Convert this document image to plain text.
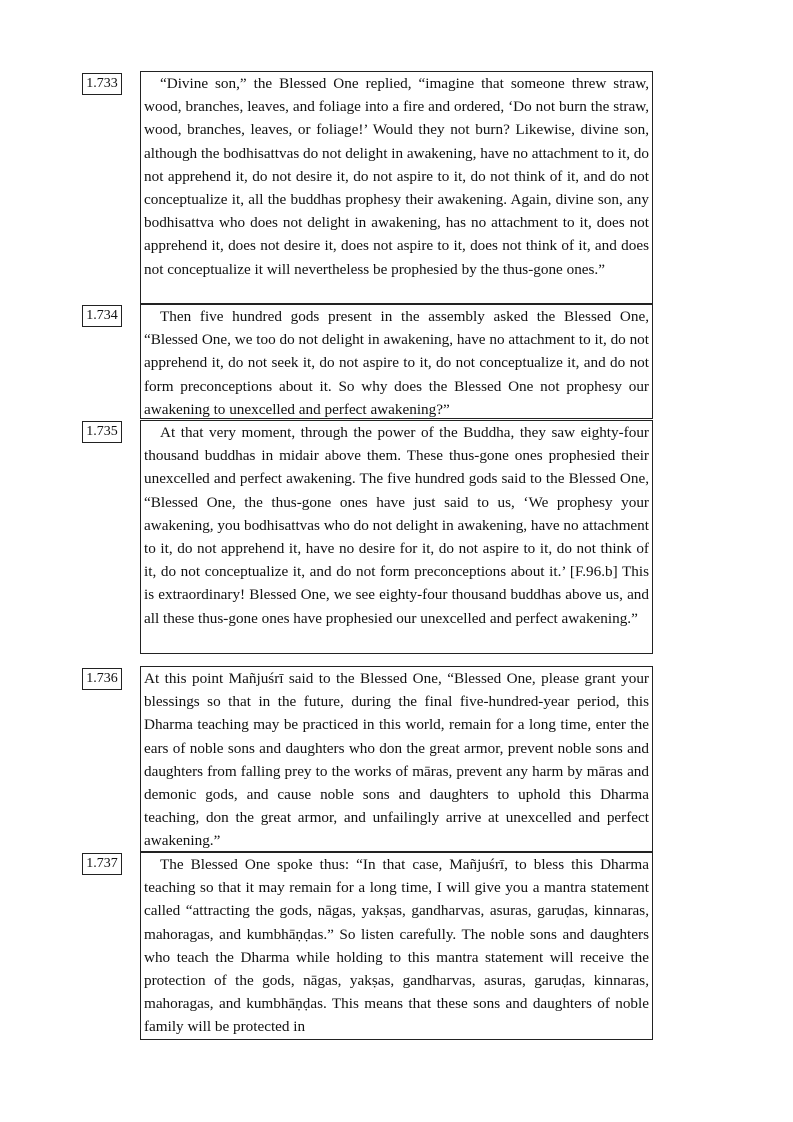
1.733	“Divine son,” the Blessed One replied, “imagine that someone threw straw, wood, branches, leaves, and foliage into a fire and ordered, ‘Do not burn the straw, wood, branches, leaves, or foliage!’ Would they not burn? Likewise, divine son, although the bodhisattvas do not delight in awakening, have no attachment to it, do not apprehend it, do not desire it, do not aspire to it, do not think of it, and do not conceptualize it, all the buddhas prophesy their awakening. Again, divine son, any bodhisattva who does not delight in awakening, has no attachment to it, does not apprehend it, does not desire it, does not aspire to it, does not think of it, and does not conceptualize it will nevertheless be prophesied by the thus-gone ones.”

1.734	Then five hundred gods present in the assembly asked the Blessed One, “Blessed One, we too do not delight in awakening, have no attachment to it, do not apprehend it, do not seek it, do not aspire to it, do not conceptualize it, and do not form preconceptions about it. So why does the Blessed One not prophesy our awakening to unexcelled and perfect awakening?”

1.735	At that very moment, through the power of the Buddha, they saw eighty-four thousand buddhas in midair above them. These thus-gone ones prophesied their unexcelled and perfect awakening. The five hundred gods said to the Blessed One, “Blessed One, the thus-gone ones have just said to us, ‘We prophesy your awakening, you bodhisattvas who do not delight in awakening, have no attachment to it, do not apprehend it, have no desire for it, do not aspire to it, do not think of it, do not conceptualize it, and do not form preconceptions about it.’ [F.96.b] This is extraordinary! Blessed One, we see eighty-four thousand buddhas above us, and all these thus-gone ones have prophesied our unexcelled and perfect awakening.”

1.736 At this point Mañjuśrī said to the Blessed One, “Blessed One, please grant your blessings so that in the future, during the final five-hundred-year period, this Dharma teaching may be practiced in this world, remain for a long time, enter the ears of noble sons and daughters who don the great armor, prevent noble sons and daughters from falling prey to the works of māras, prevent any harm by māras and demonic gods, and cause noble sons and daughters to uphold this Dharma teaching, don the great armor, and unfailingly arrive at unexcelled and perfect awakening.”

1.737	The Blessed One spoke thus: “In that case, Mañjuśrī, to bless this Dharma teaching so that it may remain for a long time, I will give you a mantra statement called “attracting the gods, nāgas, yakṣas, gandharvas, asuras, garuḍas, kinnaras, mahoragas, and kumbhāṇḍas.” So listen carefully. The noble sons and daughters who teach the Dharma while holding to this mantra statement will receive the protection of the gods, nāgas, yakṣas, gandharvas, asuras, garuḍas, kinnaras, mahoragas, and kumbhāṇḍas. This means that these sons and daughters of noble family will be protected in
